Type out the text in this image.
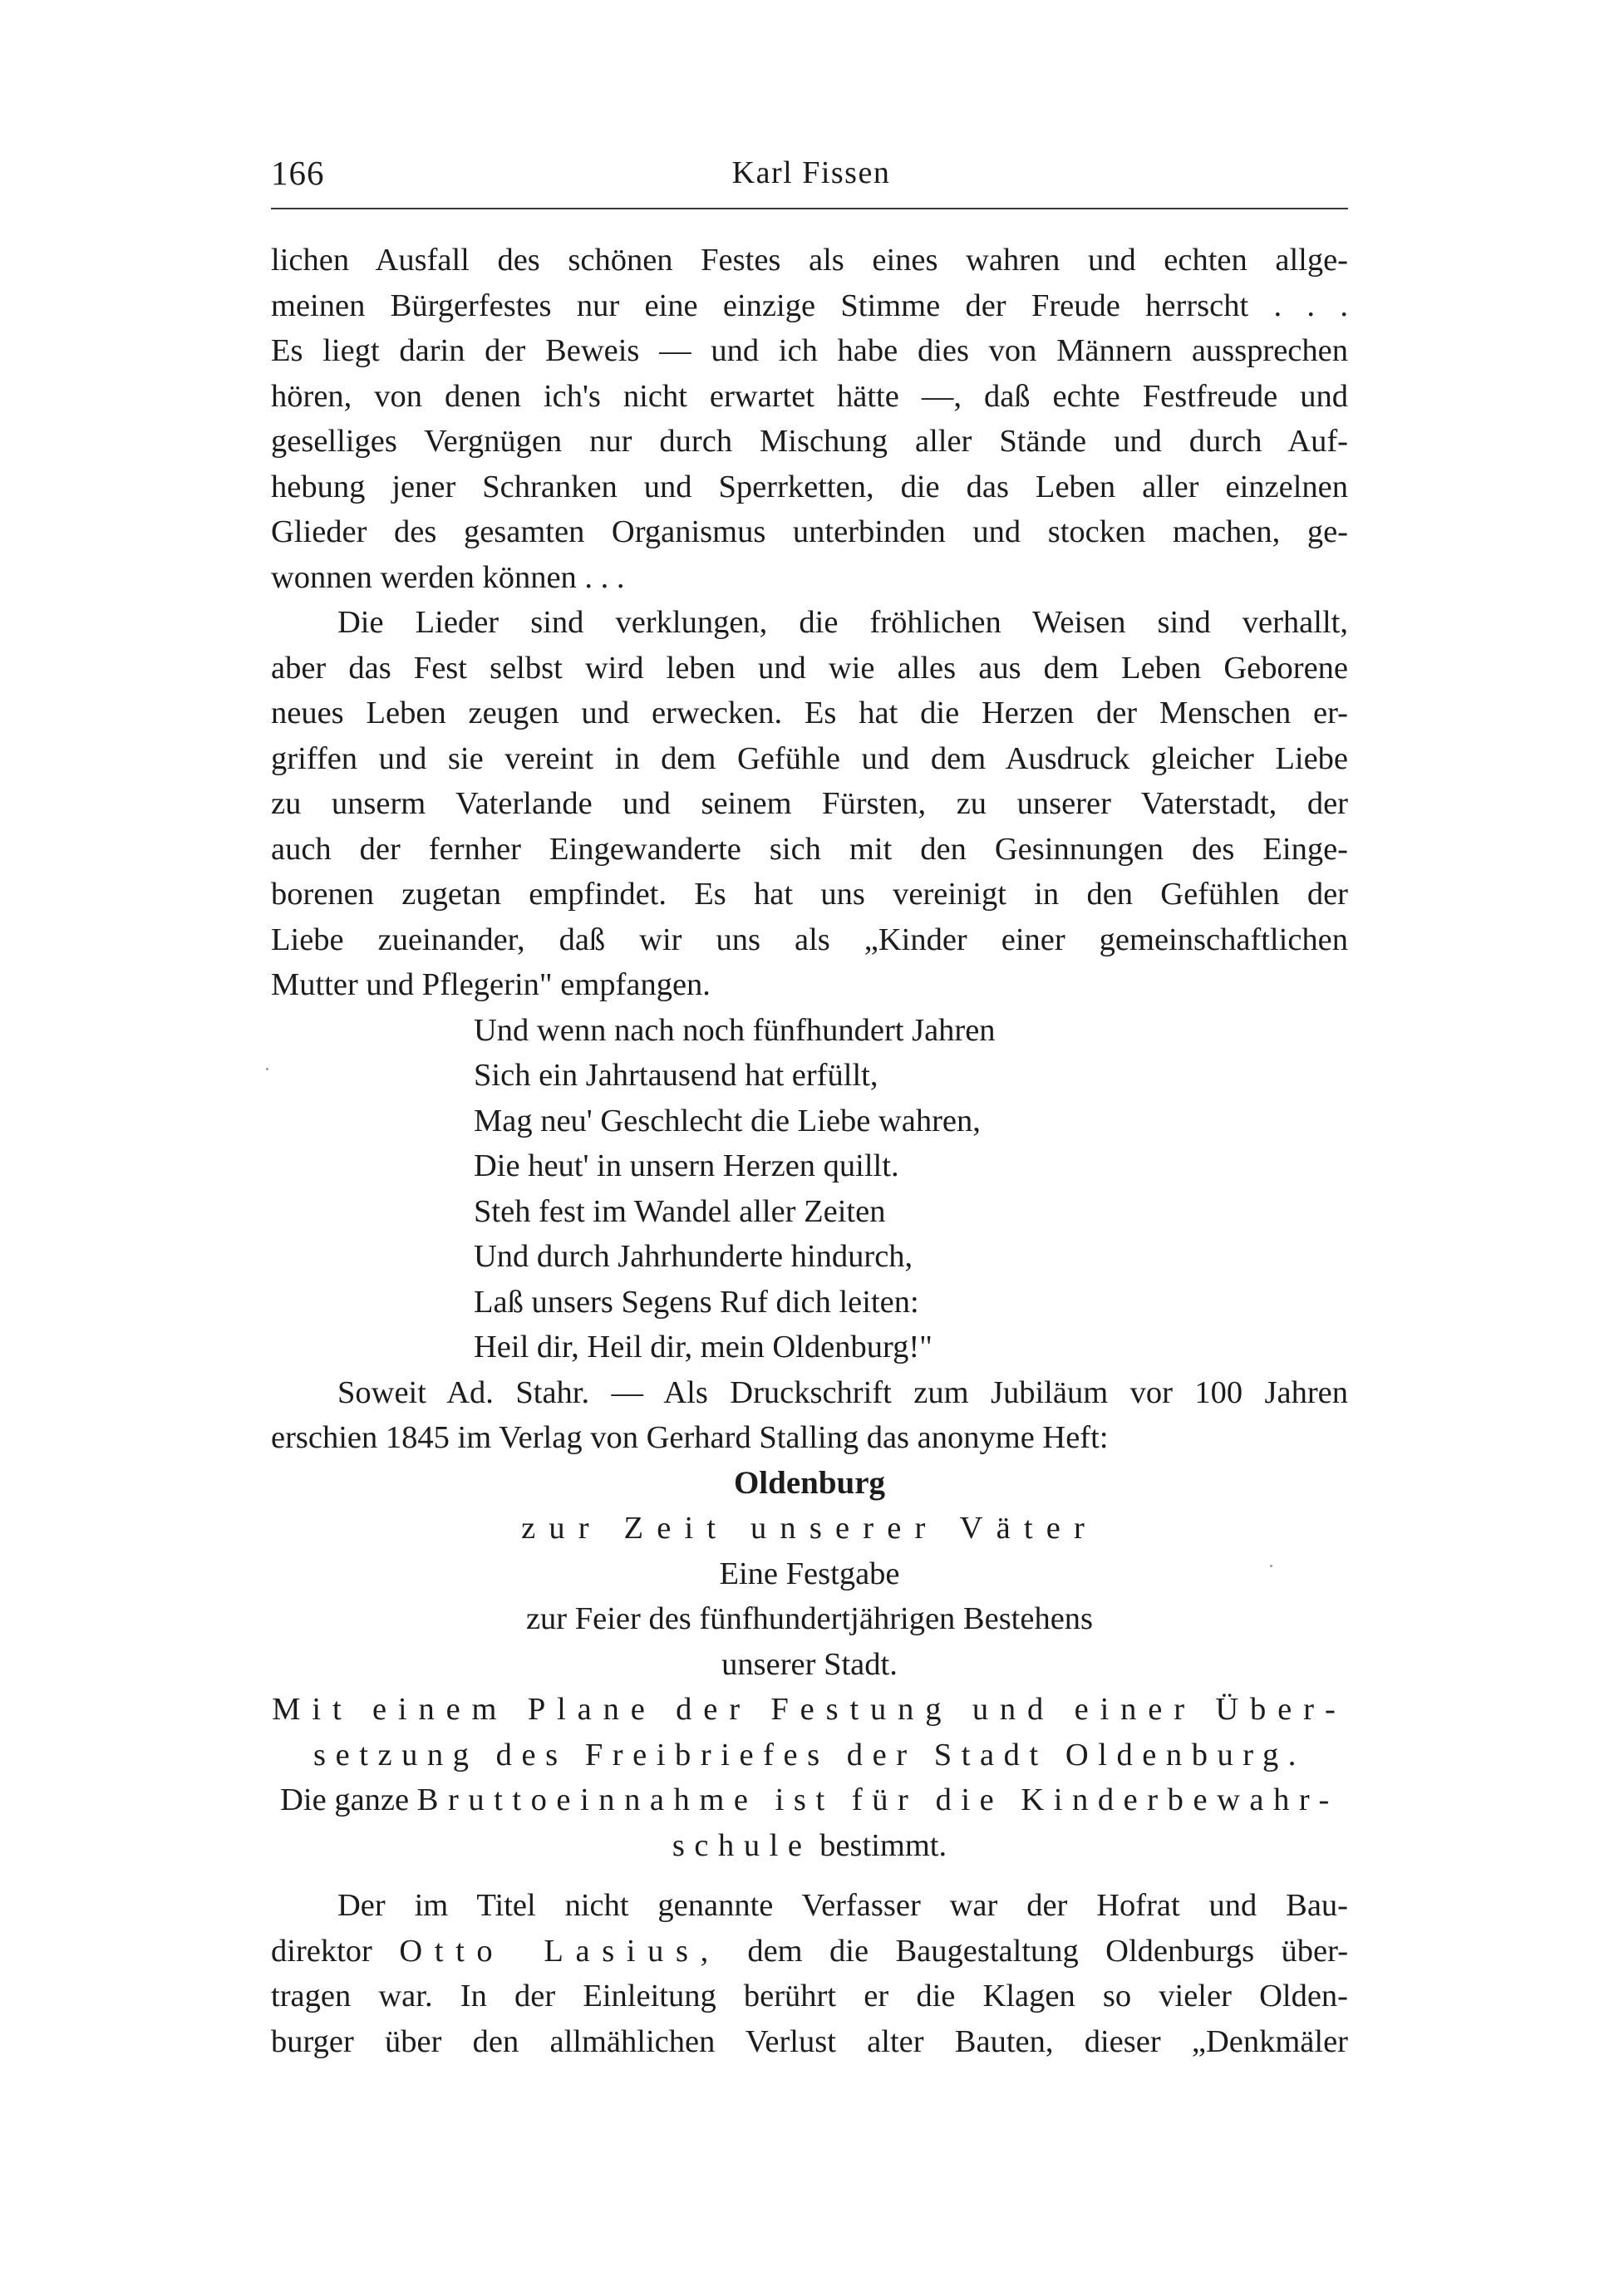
166	Karl Fissen

lichen Ausfall des schönen Festes als eines wahren und echten allge-
meinen Bürgerfestes nur eine einzige Stimme der Freude herrscht . . .
Es liegt darin der Beweis — und ich habe dies von Männern aussprechen
hören, von denen ich's nicht erwartet hätte —, daß echte Festfreude und
geselliges Vergnügen nur durch Mischung aller Stände und durch Auf-
hebung jener Schranken und Sperrketten, die das Leben aller einzelnen
Glieder des gesamten Organismus unterbinden und stocken machen, ge-
wonnen werden können . . .

Die Lieder sind verklungen, die fröhlichen Weisen sind verhallt,
aber das Fest selbst wird leben und wie alles aus dem Leben Geborene
neues Leben zeugen und erwecken. Es hat die Herzen der Menschen er-
griffen und sie vereint in dem Gefühle und dem Ausdruck gleicher Liebe
zu unserm Vaterlande und seinem Fürsten, zu unserer Vaterstadt, der
auch der fernher Eingewanderte sich mit den Gesinnungen des Einge-
borenen zugetan empfindet. Es hat uns vereinigt in den Gefühlen der
Liebe zueinander, daß wir uns als „Kinder einer gemeinschaftlichen
Mutter und Pflegerin" empfangen.

Und wenn nach noch fünfhundert Jahren
Sich ein Jahrtausend hat erfüllt,
Mag neu' Geschlecht die Liebe wahren,
Die heut' in unsern Herzen quillt.
Steh fest im Wandel aller Zeiten
Und durch Jahrhunderte hindurch,
Laß unsers Segens Ruf dich leiten:
Heil dir, Heil dir, mein Oldenburg!"

Soweit Ad. Stahr. — Als Druckschrift zum Jubiläum vor 100 Jahren
erschien 1845 im Verlag von Gerhard Stalling das anonyme Heft:

Oldenburg
zur Zeit unserer Väter
Eine Festgabe
zur Feier des fünfhundertjährigen Bestehens
unserer Stadt.
Mit einem Plane der Festung und einer Über-
setzung des Freibriefes der Stadt Oldenburg.
Die ganze Bruttoeinnahme ist für die Kinderbewahr-
schule bestimmt.

Der im Titel nicht genannte Verfasser war der Hofrat und Bau-
direktor Otto Lasius, dem die Baugestaltung Oldenburgs über-
tragen war. In der Einleitung berührt er die Klagen so vieler Olden-
burger über den allmählichen Verlust alter Bauten, dieser „Denkmäler
